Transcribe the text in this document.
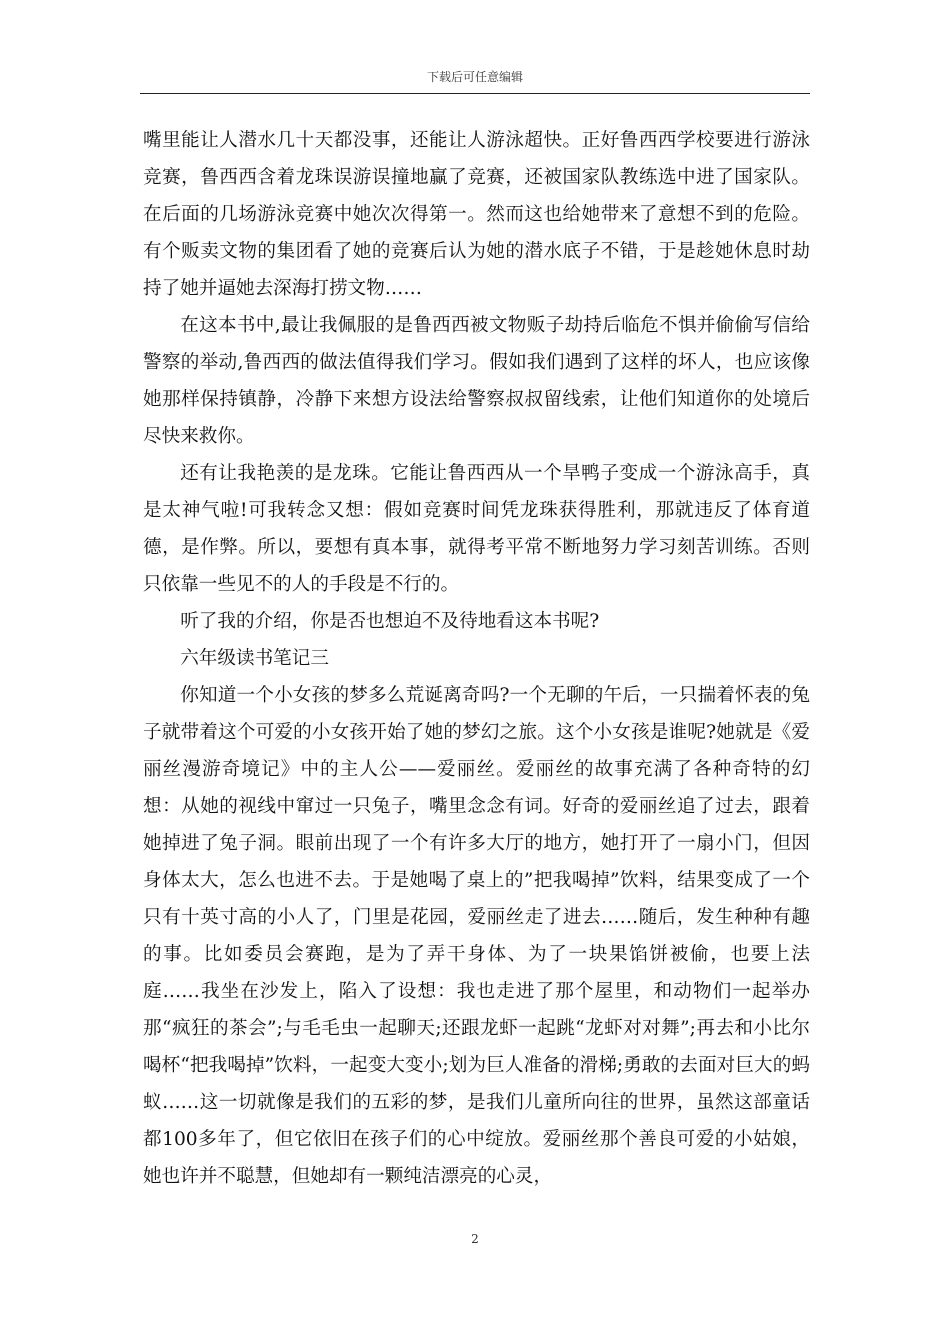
下载后可任意编辑

嘴里能让人潜水几十天都没事，还能让人游泳超快。正好鲁西西学校要进行游泳竞赛，鲁西西含着龙珠误游误撞地赢了竞赛，还被国家队教练选中进了国家队。在后面的几场游泳竞赛中她次次得第一。然而这也给她带来了意想不到的危险。有个贩卖文物的集团看了她的竞赛后认为她的潜水底子不错，于是趁她休息时劫持了她并逼她去深海打捞文物……

在这本书中,最让我佩服的是鲁西西被文物贩子劫持后临危不惧并偷偷写信给警察的举动,鲁西西的做法值得我们学习。假如我们遇到了这样的坏人，也应该像她那样保持镇静，冷静下来想方设法给警察叔叔留线索，让他们知道你的处境后尽快来救你。

还有让我艳羡的是龙珠。它能让鲁西西从一个旱鸭子变成一个游泳高手，真是太神气啦!可我转念又想：假如竞赛时间凭龙珠获得胜利，那就违反了体育道德，是作弊。所以，要想有真本事，就得考平常不断地努力学习刻苦训练。否则只依靠一些见不的人的手段是不行的。

听了我的介绍，你是否也想迫不及待地看这本书呢?

六年级读书笔记三

你知道一个小女孩的梦多么荒诞离奇吗?一个无聊的午后，一只揣着怀表的兔子就带着这个可爱的小女孩开始了她的梦幻之旅。这个小女孩是谁呢?她就是《爱丽丝漫游奇境记》中的主人公——爱丽丝。爱丽丝的故事充满了各种奇特的幻想：从她的视线中窜过一只兔子，嘴里念念有词。好奇的爱丽丝追了过去，跟着她掉进了兔子洞。眼前出现了一个有许多大厅的地方，她打开了一扇小门，但因身体太大，怎么也进不去。于是她喝了桌上的”把我喝掉”饮料，结果变成了一个只有十英寸高的小人了，门里是花园，爱丽丝走了进去……随后，发生种种有趣的事。比如委员会赛跑，是为了弄干身体、为了一块果馅饼被偷，也要上法庭……我坐在沙发上，陷入了设想：我也走进了那个屋里，和动物们一起举办那“疯狂的茶会”;与毛毛虫一起聊天;还跟龙虾一起跳“龙虾对对舞”;再去和小比尔喝杯“把我喝掉”饮料，一起变大变小;划为巨人准备的滑梯;勇敢的去面对巨大的蚂蚁……这一切就像是我们的五彩的梦，是我们儿童所向往的世界，虽然这部童话都100多年了，但它依旧在孩子们的心中绽放。爱丽丝那个善良可爱的小姑娘，她也许并不聪慧，但她却有一颗纯洁漂亮的心灵，

2
